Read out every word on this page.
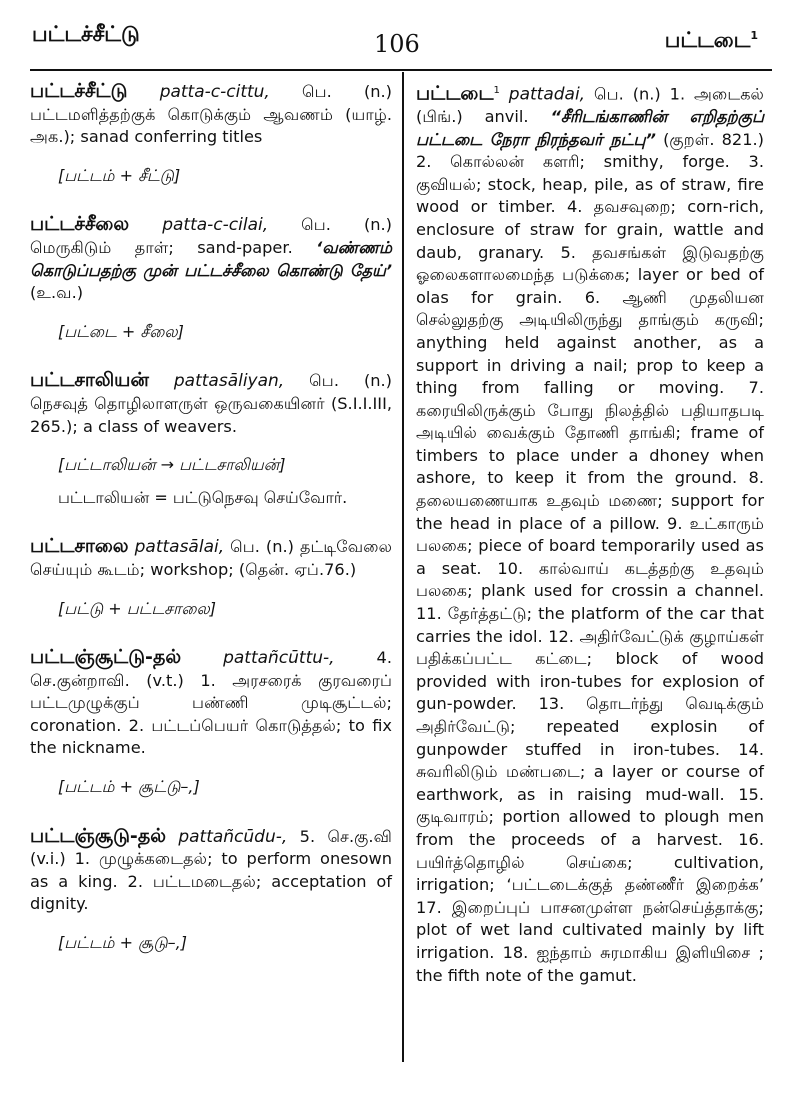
பட்டச்சீட்டு	106	பட்டடை$^1$

பட்டச்சீட்டு patta-c-cittu, பெ. (n.) பட்டமளித்தற்குக் கொடுக்கும் ஆவணம் (யாழ். அக.); sanad conferring titles

[பட்டம் + சீட்டு]

பட்டச்சீலை patta-c-cilai, பெ. (n.) மெருகிடும் தாள்; sand-paper. ‘வண்ணம் கொடுப்பதற்கு முன் பட்டச்சீலை கொண்டு தேய்’ (உ.வ.)

[பட்டை + சீலை]

பட்டசாலியன் pattasāliyan, பெ. (n.) நெசவுத் தொழிலாளருள் ஒருவகையினர் (S.I.I.III, 265.); a class of weavers.

[பட்டாலியன் → பட்டசாலியன்]
பட்டாலியன் = பட்டுநெசவு செய்வோர்.

பட்டசாலை pattasālai, பெ. (n.) தட்டிவேலை செய்யும் கூடம்; workshop; (தென். ஏப்.76.)

[பட்டு + பட்டசாலை]

பட்டஞ்சூட்டு-தல் pattañcūttu-, 4. செ.குன்றாவி. (v.t.) 1. அரசரைக் குரவரைப் பட்டமுழுக்குப் பண்ணி முடிசூட்டல்; coronation. 2. பட்டப்பெயர் கொடுத்தல்; to fix the nickname.

[பட்டம் + சூட்டு–,]

பட்டஞ்சூடு-தல் pattañcūdu-, 5. செ.கு.வி (v.i.) 1. முழுக்கடைதல்; to perform onesown as a king. 2. பட்டமடைதல்; acceptation of dignity.

[பட்டம் + சூடு–,]
பட்டடை$^1$ pattadai, பெ. (n.) 1. அடைகல் (பிங்.) anvil. “சீரிடங்காணின் எறிதற்குப் பட்டடை நேரா நிரந்தவர் நட்பு” (குறள். 821.) 2. கொல்லன் களரி; smithy, forge. 3. குவியல்; stock, heap, pile, as of straw, fire wood or timber. 4. தவசவுறை; corn-rich, enclosure of straw for grain, wattle and daub, granary. 5. தவசங்கள் இடுவதற்கு ஓலைகளாலமைந்த படுக்கை; layer or bed of olas for grain. 6. ஆணி முதலியன செல்லுதற்கு அடியிலிருந்து தாங்கும் கருவி; anything held against another, as a support in driving a nail; prop to keep a thing from falling or moving. 7. கரையிலிருக்கும் போது நிலத்தில் பதியாதபடி அடியில் வைக்கும் தோணி தாங்கி; frame of timbers to place under a dhoney when ashore, to keep it from the ground. 8. தலையணையாக உதவும் மணை; support for the head in place of a pillow. 9. உட்காரும் பலகை; piece of board temporarily used as a seat. 10. கால்வாய் கடத்தற்கு உதவும் பலகை; plank used for crossin a channel. 11. தேர்த்தட்டு; the platform of the car that carries the idol. 12. அதிர்வேட்டுக் குழாய்கள் பதிக்கப்பட்ட கட்டை; block of wood provided with iron-tubes for explosion of gun-powder. 13. தொடர்ந்து வெடிக்கும் அதிர்வேட்டு; repeated explosin of gunpowder stuffed in iron-tubes. 14. சுவரிலிடும் மண்படை; a layer or course of earthwork, as in raising mud-wall. 15. குடிவாரம்; portion allowed to plough men from the proceeds of a harvest. 16. பயிர்த்தொழில் செய்கை; cultivation, irrigation; ‘பட்டடைக்குத் தண்ணீர் இறைக்க’ 17. இறைப்புப் பாசனமுள்ள நன்செய்த்தாக்கு; plot of wet land cultivated mainly by lift irrigation. 18. ஐந்தாம் சுரமாகிய இளியிசை ; the fifth note of the gamut.
